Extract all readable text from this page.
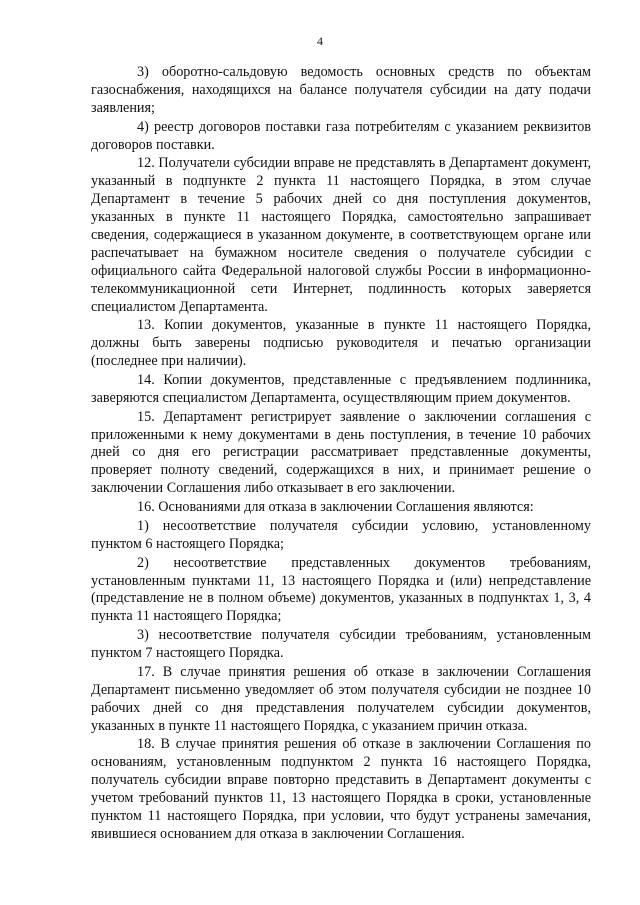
4

3) оборотно-сальдовую ведомость основных средств по объектам газоснабжения, находящихся на балансе получателя субсидии на дату подачи заявления;

4) реестр договоров поставки газа потребителям с указанием реквизитов договоров поставки.

12. Получатели субсидии вправе не представлять в Департамент документ, указанный в подпункте 2 пункта 11 настоящего Порядка, в этом случае Департамент в течение 5 рабочих дней со дня поступления документов, указанных в пункте 11 настоящего Порядка, самостоятельно запрашивает сведения, содержащиеся в указанном документе, в соответствующем органе или распечатывает на бумажном носителе сведения о получателе субсидии с официального сайта Федеральной налоговой службы России в информационно-телекоммуникационной сети Интернет, подлинность которых заверяется специалистом Департамента.

13. Копии документов, указанные в пункте 11 настоящего Порядка, должны быть заверены подписью руководителя и печатью организации (последнее при наличии).

14. Копии документов, представленные с предъявлением подлинника, заверяются специалистом Департамента, осуществляющим прием документов.

15. Департамент регистрирует заявление о заключении соглашения с приложенными к нему документами в день поступления, в течение 10 рабочих дней со дня его регистрации рассматривает представленные документы, проверяет полноту сведений, содержащихся в них, и принимает решение о заключении Соглашения либо отказывает в его заключении.

16. Основаниями для отказа в заключении Соглашения являются:

1) несоответствие получателя субсидии условию, установленному пунктом 6 настоящего Порядка;

2) несоответствие представленных документов требованиям, установленным пунктами 11, 13 настоящего Порядка и (или) непредставление (представление не в полном объеме) документов, указанных в подпунктах 1, 3, 4 пункта 11 настоящего Порядка;

3) несоответствие получателя субсидии требованиям, установленным пунктом 7 настоящего Порядка.

17. В случае принятия решения об отказе в заключении Соглашения Департамент письменно уведомляет об этом получателя субсидии не позднее 10 рабочих дней со дня представления получателем субсидии документов, указанных в пункте 11 настоящего Порядка, с указанием причин отказа.

18. В случае принятия решения об отказе в заключении Соглашения по основаниям, установленным подпунктом 2 пункта 16 настоящего Порядка, получатель субсидии вправе повторно представить в Департамент документы с учетом требований пунктов 11, 13 настоящего Порядка в сроки, установленные пунктом 11 настоящего Порядка, при условии, что будут устранены замечания, явившиеся основанием для отказа в заключении Соглашения.
